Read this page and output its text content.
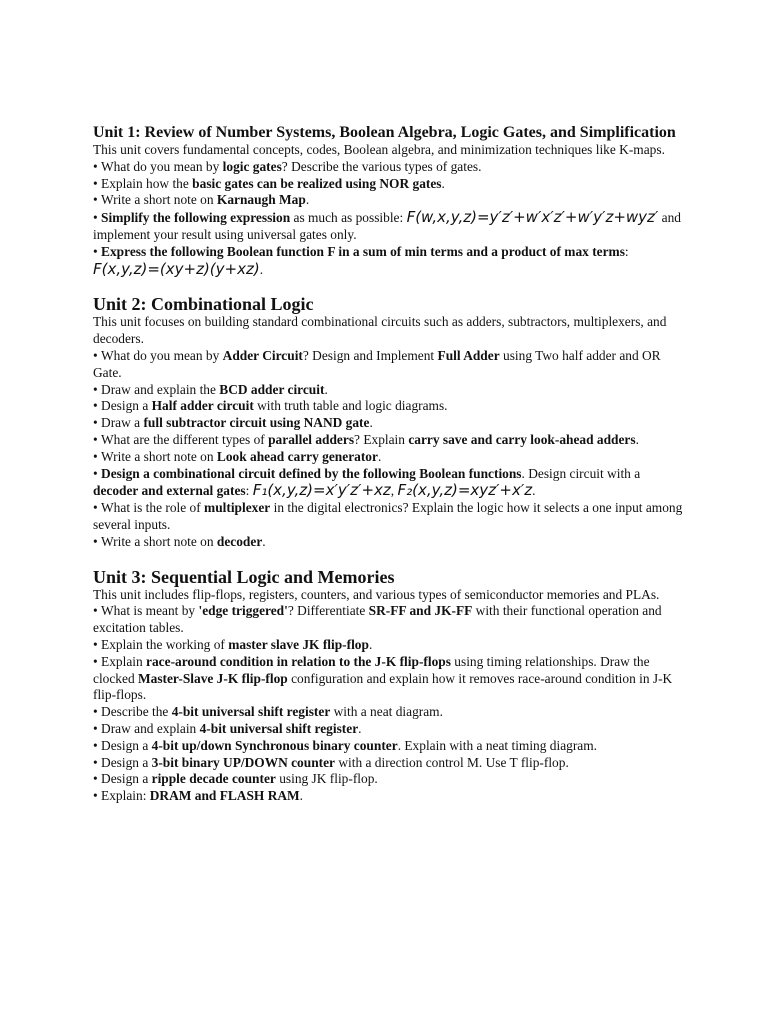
Unit 1: Review of Number Systems, Boolean Algebra, Logic Gates, and Simplification

This unit covers fundamental concepts, codes, Boolean algebra, and minimization techniques like K-maps.

• What do you mean by logic gates? Describe the various types of gates.
• Explain how the basic gates can be realized using NOR gates.
• Write a short note on Karnaugh Map.
• Simplify the following expression as much as possible: F(w,x,y,z)=y′z′+w′x′z′+w′y′z+wyz′ and implement your result using universal gates only.
• Express the following Boolean function F in a sum of min terms and a product of max terms: F(x,y,z)=(xy+z)(y+xz).
Unit 2: Combinational Logic

This unit focuses on building standard combinational circuits such as adders, subtractors, multiplexers, and decoders.

• What do you mean by Adder Circuit? Design and Implement Full Adder using Two half adder and OR Gate.
• Draw and explain the BCD adder circuit.
• Design a Half adder circuit with truth table and logic diagrams.
• Draw a full subtractor circuit using NAND gate.
• What are the different types of parallel adders? Explain carry save and carry look-ahead adders.
• Write a short note on Look ahead carry generator.
• Design a combinational circuit defined by the following Boolean functions. Design circuit with a decoder and external gates: F₁(x,y,z)=x′y′z′+xz, F₂(x,y,z)=xyz′+x′z.
• What is the role of multiplexer in the digital electronics? Explain the logic how it selects a one input among several inputs.
• Write a short note on decoder.
Unit 3: Sequential Logic and Memories

This unit includes flip-flops, registers, counters, and various types of semiconductor memories and PLAs.

• What is meant by 'edge triggered'? Differentiate SR-FF and JK-FF with their functional operation and excitation tables.
• Explain the working of master slave JK flip-flop.
• Explain race-around condition in relation to the J-K flip-flops using timing relationships. Draw the clocked Master-Slave J-K flip-flop configuration and explain how it removes race-around condition in J-K flip-flops.
• Describe the 4-bit universal shift register with a neat diagram.
• Draw and explain 4-bit universal shift register.
• Design a 4-bit up/down Synchronous binary counter. Explain with a neat timing diagram.
• Design a 3-bit binary UP/DOWN counter with a direction control M. Use T flip-flop.
• Design a ripple decade counter using JK flip-flop.
• Explain: DRAM and FLASH RAM.
